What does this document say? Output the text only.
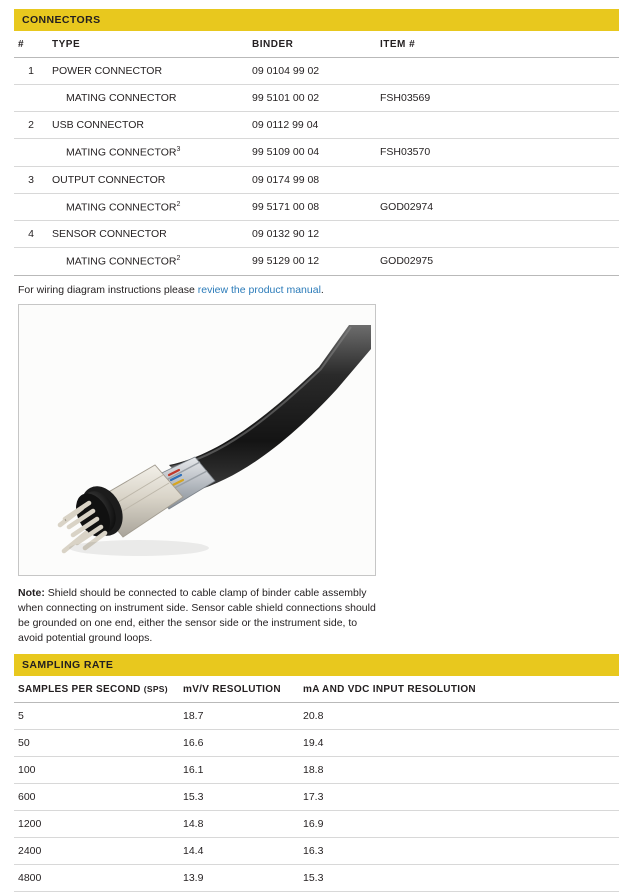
CONNECTORS
#	TYPE	BINDER	ITEM #
1	POWER CONNECTOR	09 0104 99 02	
	MATING CONNECTOR	99 5101 00 02	FSH03569
2	USB CONNECTOR	09 0112 99 04	
	MATING CONNECTOR$^3$	99 5109 00 04	FSH03570
3	OUTPUT CONNECTOR	09 0174 99 08	
	MATING CONNECTOR$^2$	99 5171 00 08	GOD02974
4	SENSOR CONNECTOR	09 0132 90 12	
	MATING CONNECTOR$^2$	99 5129 00 12	GOD02975
For wiring diagram instructions please review the product manual.

Note: Shield should be connected to cable clamp of binder cable assembly when connecting on instrument side. Sensor cable shield connections should be grounded on one end, either the sensor side or the instrument side, to avoid potential ground loops.

SAMPLING RATE
SAMPLES PER SECOND (SPS)	mV/V RESOLUTION	mA AND VDC INPUT RESOLUTION
5	18.7	20.8
50	16.6	19.4
100	16.1	18.8
600	15.3	17.3
1200	14.8	16.9
2400	14.4	16.3
4800	13.9	15.3
